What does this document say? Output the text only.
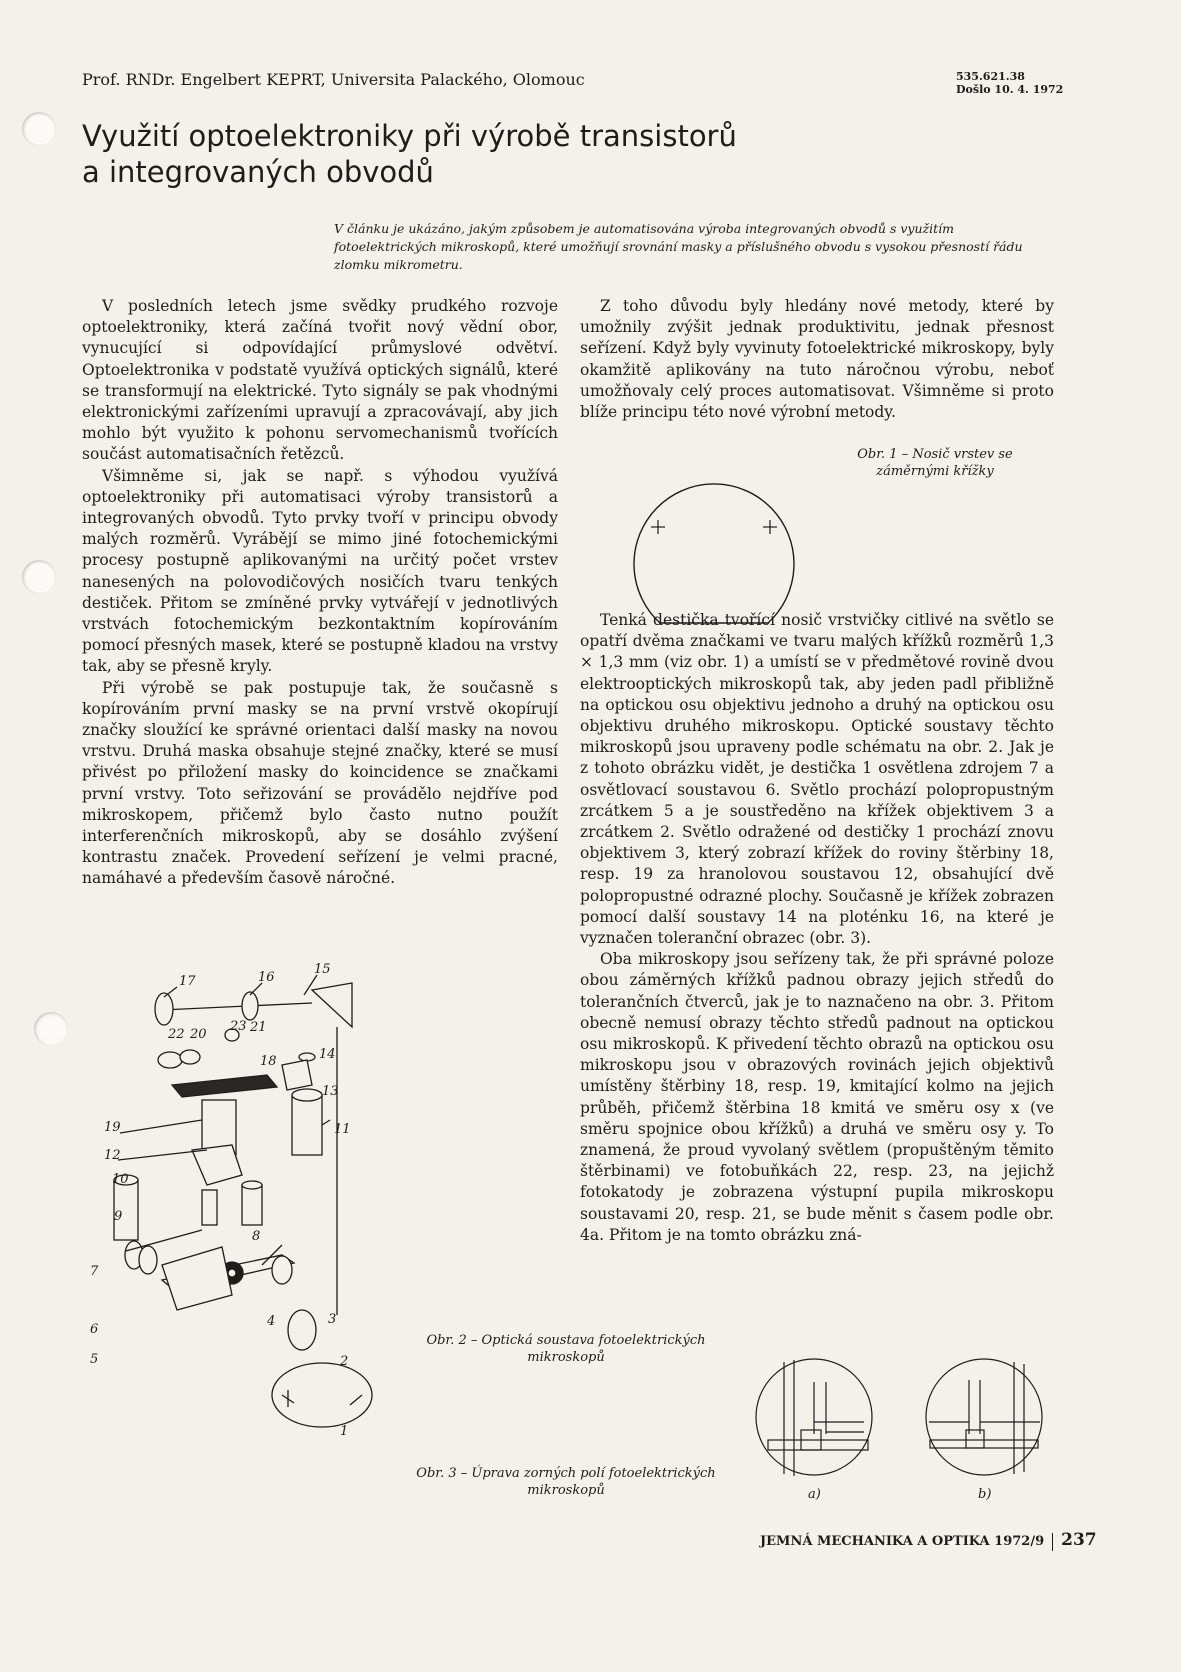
Prof. RNDr. Engelbert KEPRT, Universita Palackého, Olomouc	535.621.38
Došlo 10. 4. 1972
Využití optoelektroniky při výrobě transistorů
a integrovaných obvodů

V článku je ukázáno, jakým způsobem je automatisována výroba integrovaných obvodů s využitím fotoelektrických mikroskopů, které umožňují srovnání masky a příslušného obvodu s vysokou přesností řádu zlomku mikrometru.

V posledních letech jsme svědky prudkého rozvoje optoelektroniky, která začíná tvořit nový vědní obor, vynucující si odpovídající průmyslové odvětví. Optoelektronika v podstatě využívá optických signálů, které se transformují na elektrické. Tyto signály se pak vhodnými elektronickými zařízeními upravují a zpracovávají, aby jich mohlo být využito k pohonu servomechanismů tvořících součást automatisačních řetězců.

Všimněme si, jak se např. s výhodou využívá optoelektroniky při automatisaci výroby transistorů a integrovaných obvodů. Tyto prvky tvoří v principu obvody malých rozměrů. Vyrábějí se mimo jiné fotochemickými procesy postupně aplikovanými na určitý počet vrstev nanesených na polovodičových nosičích tvaru tenkých destiček. Přitom se zmíněné prvky vytvářejí v jednotlivých vrstvách fotochemickým bezkontaktním kopírováním pomocí přesných masek, které se postupně kladou na vrstvy tak, aby se přesně kryly.

Při výrobě se pak postupuje tak, že současně s kopírováním první masky se na první vrstvě okopírují značky sloužící ke správné orientaci další masky na novou vrstvu. Druhá maska obsahuje stejné značky, které se musí přivést po přiložení masky do koincidence se značkami první vrstvy. Toto seřizování se provádělo nejdříve pod mikroskopem, přičemž bylo často nutno použít interferenčních mikroskopů, aby se dosáhlo zvýšení kontrastu značek. Provedení seřízení je velmi pracné, namáhavé a především časově náročné.

Z toho důvodu byly hledány nové metody, které by umožnily zvýšit jednak produktivitu, jednak přesnost seřízení. Když byly vyvinuty fotoelektrické mikroskopy, byly okamžitě aplikovány na tuto náročnou výrobu, neboť umožňovaly celý proces automatisovat. Všimněme si proto blíže principu této nové výrobní metody.

Obr. 1 – Nosič vrstev se záměrnými křížky

Tenká destička tvořící nosič vrstvičky citlivé na světlo se opatří dvěma značkami ve tvaru malých křížků rozměrů 1,3 × 1,3 mm (viz obr. 1) a umístí se v předmětové rovině dvou elektrooptických mikroskopů tak, aby jeden padl přibližně na optickou osu objektivu jednoho a druhý na optickou osu objektivu druhého mikroskopu. Optické soustavy těchto mikroskopů jsou upraveny podle schématu na obr. 2. Jak je z tohoto obrázku vidět, je destička 1 osvětlena zdrojem 7 a osvětlovací soustavou 6. Světlo prochází polopropustným zrcátkem 5 a je soustředěno na křížek objektivem 3 a zrcátkem 2. Světlo odražené od destičky 1 prochází znovu objektivem 3, který zobrazí křížek do roviny štěrbiny 18, resp. 19 za hranolovou soustavou 12, obsahující dvě polopropustné odrazné plochy. Současně je křížek zobrazen pomocí další soustavy 14 na ploténku 16, na které je vyznačen toleranční obrazec (obr. 3).

Oba mikroskopy jsou seřízeny tak, že při správné poloze obou záměrných křížků padnou obrazy jejich středů do tolerančních čtverců, jak je to naznačeno na obr. 3. Přitom obecně nemusí obrazy těchto středů padnout na optickou osu mikroskopů. K přivedení těchto obrazů na optickou osu mikroskopu jsou v obrazových rovinách jejich objektivů umístěny štěrbiny 18, resp. 19, kmitající kolmo na jejich průběh, přičemž štěrbina 18 kmitá ve směru osy x (ve směru spojnice obou křížků) a druhá ve směru osy y. To znamená, že proud vyvolaný světlem (propuštěným těmito štěrbinami) ve fotobuňkách 22, resp. 23, na jejichž fotokatody je zobrazena výstupní pupila mikroskopu soustavami 20, resp. 21, se bude měnit s časem podle obr. 4a. Přitom je na tomto obrázku zná-

17	16
15
22 20
23 21
18	14
13
19
12
11
10
9
8
7
6
4	3
5	2
1

Obr. 2 – Optická soustava fotoelektrických mikroskopů

Obr. 3 – Úprava zorných polí fotoelektrických mikroskopů	a)	b)
JEMNÁ MECHANIKA A OPTIKA 1972/9 237
